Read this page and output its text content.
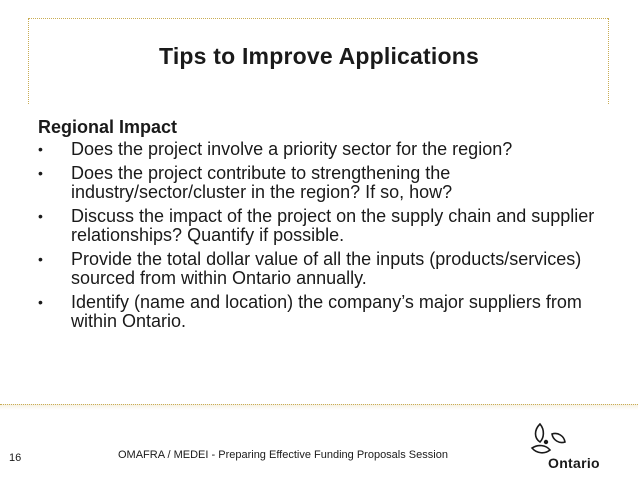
Tips to Improve Applications
Regional Impact
• Does the project involve a priority sector for the region?
• Does the project contribute to strengthening the industry/sector/cluster in the region? If so, how?
• Discuss the impact of the project on the supply chain and supplier relationships? Quantify if possible.
• Provide the total dollar value of all the inputs (products/services) sourced from within Ontario annually.
• Identify (name and location) the company’s major suppliers from within Ontario.
16	OMAFRA / MEDEI - Preparing Effective Funding Proposals Session	Ontario
